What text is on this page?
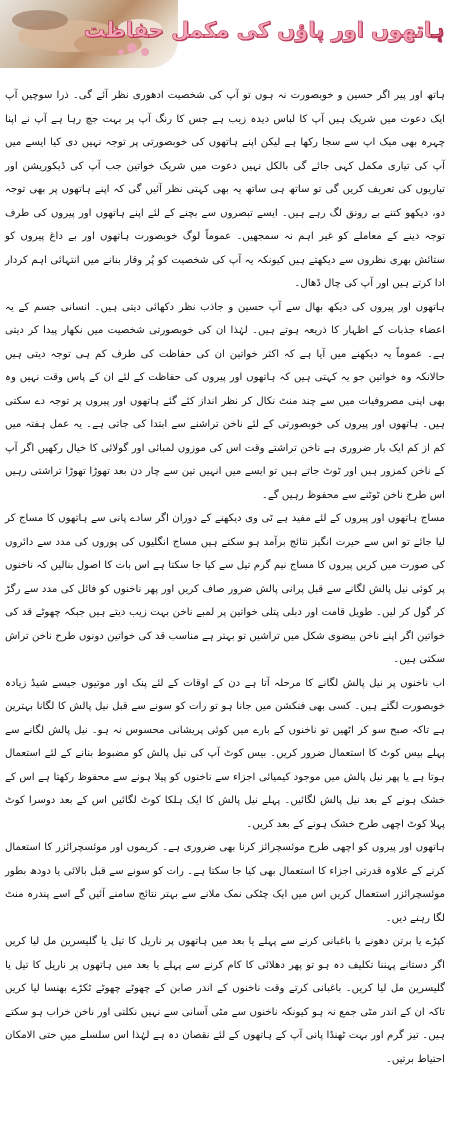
ہاتھوں اور پاؤں کی مکمل حفاظت

ہاتھ اور پیر اگر حسین و خوبصورت نہ ہوں تو آپ کی شخصیت ادھوری نظر آئے گی۔ ذرا سوچیں آپ ایک دعوت میں شریک ہیں آپ کا لباس دیدہ زیب ہے جس کا رنگ آپ پر بہت جچ رہا ہے آپ نے اپنا چہرہ بھی میک اپ سے سجا رکھا ہے لیکن اپنے ہاتھوں کی خوبصورتی پر توجہ نہیں دی کیا ایسے میں آپ کی تیاری مکمل کہی جائے گی بالکل نہیں دعوت میں شریک خواتین جب آپ کی ڈیکوریشن اور تیاریوں کی تعریف کریں گی تو ساتھ ہی ساتھ یہ بھی کہتی نظر آئیں گی کہ اپنے ہاتھوں پر بھی توجہ دو، دیکھو کتنے بے رونق لگ رہے ہیں۔ ایسے تبصروں سے بچنے کے لئے اپنے ہاتھوں اور پیروں کی طرف توجہ دینے کے معاملے کو غیر اہم نہ سمجھیں۔ عموماً لوگ خوبصورت ہاتھوں اور بے داغ پیروں کو ستائش بھری نظروں سے دیکھتے ہیں کیونکہ یہ آپ کی شخصیت کو پُر وقار بنانے میں انتہائی اہم کردار ادا کرتے ہیں اور آپ کی چال ڈھال۔

ہاتھوں اور پیروں کی دیکھ بھال سے آپ حسین و جاذب نظر دکھائی دیتی ہیں۔ انسانی جسم کے یہ اعضاء جذبات کے اظہار کا ذریعہ ہوتے ہیں۔ لہٰذا ان کی خوبصورتی شخصیت میں نکھار پیدا کر دیتی ہے۔ عموماً یہ دیکھنے میں آیا ہے کہ اکثر خواتین ان کی حفاظت کی طرف کم ہی توجہ دیتی ہیں حالانکہ وہ خواتین جو یہ کہتی ہیں کہ ہاتھوں اور پیروں کی حفاظت کے لئے ان کے پاس وقت نہیں وہ بھی اپنی مصروفیات میں سے چند منٹ نکال کر نظر انداز کئے گئے ہاتھوں اور پیروں پر توجہ دے سکتی ہیں۔ ہاتھوں اور پیروں کی خوبصورتی کے لئے ناخن تراشنے سے ابتدا کی جاتی ہے۔ یہ عمل ہفتہ میں کم از کم ایک بار ضروری ہے ناخن تراشتے وقت اس کی موزوں لمبائی اور گولائی کا خیال رکھیں اگر آپ کے ناخن کمزور ہیں اور ٹوٹ جاتے ہیں تو ایسے میں انہیں تین سے چار دن بعد تھوڑا تھوڑا تراشتی رہیں اس طرح ناخن ٹوٹنے سے محفوظ رہیں گے۔

مساج ہاتھوں اور پیروں کے لئے مفید ہے ٹی وی دیکھنے کے دوران اگر سادے پانی سے ہاتھوں کا مساج کر لیا جائے تو اس سے حیرت انگیز نتائج برآمد ہو سکتے ہیں مساج انگلیوں کی پوروں کی مدد سے دائروں کی صورت میں کریں پیروں کا مساج نیم گرم تیل سے کیا جا سکتا ہے اس بات کا اصول بنالیں کہ ناخنوں پر کوئی نیل پالش لگانے سے قبل پرانی پالش ضرور صاف کریں اور پھر ناخنوں کو فائل کی مدد سے رگڑ کر گول کر لیں۔ طویل قامت اور دبلی پتلی خواتین پر لمبے ناخن بہت زیب دیتے ہیں جبکہ چھوٹے قد کی خواتین اگر اپنے ناخن بیضوی شکل میں تراشیں تو بہتر ہے مناسب قد کی خواتین دونوں طرح ناخن تراش سکتی ہیں۔

اب ناخنوں پر نیل پالش لگانے کا مرحلہ آتا ہے دن کے اوقات کے لئے پنک اور موتیوں جیسے شیڈ زیادہ خوبصورت لگتے ہیں۔ کسی بھی فنکشن میں جانا ہو تو رات کو سونے سے قبل نیل پالش کا لگانا بہترین ہے تاکہ صبح سو کر اٹھیں تو ناخنوں کے بارے میں کوئی پریشانی محسوس نہ ہو۔ نیل پالش لگانے سے پہلے بیس کوٹ کا استعمال ضرور کریں۔ بیس کوٹ آپ کی نیل پالش کو مضبوط بنانے کے لئے استعمال ہوتا ہے یا پھر نیل پالش میں موجود کیمیائی اجزاء سے ناخنوں کو پیلا ہونے سے محفوظ رکھتا ہے اس کے خشک ہونے کے بعد نیل پالش لگائیں۔ پہلے نیل پالش کا ایک ہلکا کوٹ لگائیں اس کے بعد دوسرا کوٹ پہلا کوٹ اچھی طرح خشک ہونے کے بعد کریں۔

ہاتھوں اور پیروں کو اچھی طرح موئسچرائز کرنا بھی ضروری ہے۔ کریموں اور موئسچرائزر کا استعمال کرنے کے علاوہ قدرتی اجزاء کا استعمال بھی کیا جا سکتا ہے۔ رات کو سونے سے قبل بالائی یا دودھ بطور موئسچرائزر استعمال کریں اس میں ایک چٹکی نمک ملانے سے بہتر نتائج سامنے آئیں گے اسے پندرہ منٹ لگا رہنے دیں۔

کپڑے یا برتن دھونے یا باغبانی کرنے سے پہلے یا بعد میں ہاتھوں پر ناریل کا تیل یا گلیسرین مل لیا کریں اگر دستانے پہننا تکلیف دہ ہو تو پھر دھلائی کا کام کرنے سے پہلے یا بعد میں ہاتھوں پر ناریل کا تیل یا گلیسرین مل لیا کریں۔ باغبانی کرتے وقت ناخنوں کے اندر صابن کے چھوٹے چھوٹے ٹکڑے بھنسا لیا کریں تاکہ ان کے اندر مٹی جمع نہ ہو کیونکہ ناخنوں سے مٹی آسانی سے نہیں نکلتی اور ناخن خراب ہو سکتے ہیں۔ تیز گرم اور بہت ٹھنڈا پانی آپ کے ہاتھوں کے لئے نقصان دہ ہے لہٰذا اس سلسلے میں حتی الامکان احتیاط برتیں۔
